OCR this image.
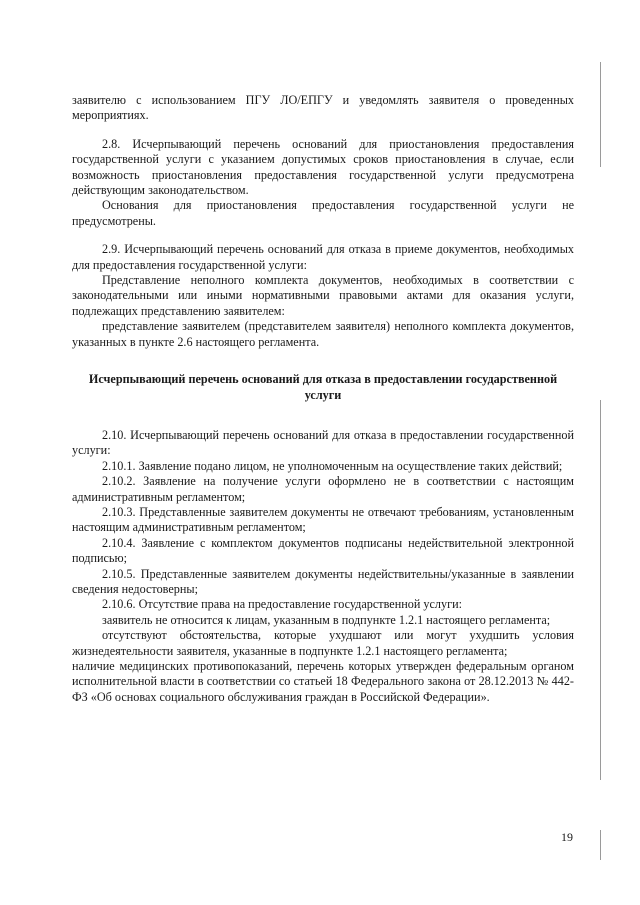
заявителю с использованием ПГУ ЛО/ЕПГУ и уведомлять заявителя о проведенных мероприятиях.

2.8. Исчерпывающий перечень оснований для приостановления предоставления государственной услуги с указанием допустимых сроков приостановления в случае, если возможность приостановления предоставления государственной услуги предусмотрена действующим законодательством.

Основания для приостановления предоставления государственной услуги не предусмотрены.

2.9. Исчерпывающий перечень оснований для отказа в приеме документов, необходимых для предоставления государственной услуги:

Представление неполного комплекта документов, необходимых в соответствии с законодательными или иными нормативными правовыми актами для оказания услуги, подлежащих представлению заявителем:

представление заявителем (представителем заявителя) неполного комплекта документов, указанных в пункте 2.6 настоящего регламента.

Исчерпывающий перечень оснований для отказа в предоставлении государственной услуги

2.10. Исчерпывающий перечень оснований для отказа в предоставлении государственной услуги:

2.10.1. Заявление подано лицом, не уполномоченным на осуществление таких действий;

2.10.2. Заявление на получение услуги оформлено не в соответствии с настоящим административным регламентом;

2.10.3. Представленные заявителем документы не отвечают требованиям, установленным настоящим административным регламентом;

2.10.4. Заявление с комплектом документов подписаны недействительной электронной подписью;

2.10.5. Представленные заявителем документы недействительны/указанные в заявлении сведения недостоверны;

2.10.6. Отсутствие права на предоставление государственной услуги:

заявитель не относится к лицам, указанным в подпункте 1.2.1 настоящего регламента;

отсутствуют обстоятельства, которые ухудшают или могут ухудшить условия жизнедеятельности заявителя, указанные в подпункте 1.2.1 настоящего регламента;

наличие медицинских противопоказаний, перечень которых утвержден федеральным органом исполнительной власти в соответствии со статьей 18 Федерального закона от 28.12.2013 № 442-ФЗ «Об основах социального обслуживания граждан в Российской Федерации».

19
